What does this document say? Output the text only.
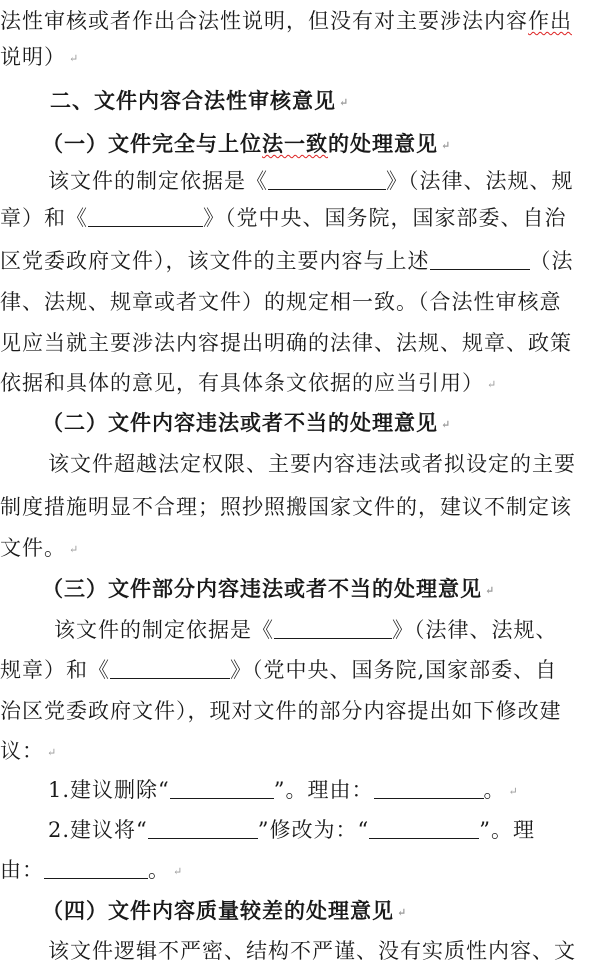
法性审核或者作出合法性说明，但没有对主要涉法内容作出
说明） ↵
二、文件内容合法性审核意见 ↵
（一）文件完全与上位法一致的处理意见 ↵
该文件的制定依据是《	》（法律、法规、规
章）和《	》（党中央、国务院，国家部委、自治
区党委政府文件），该文件的主要内容与上述	（法
律、法规、规章或者文件）的规定相一致。（合法性审核意
见应当就主要涉法内容提出明确的法律、法规、规章、政策
依据和具体的意见，有具体条文依据的应当引用） ↵
（二）文件内容违法或者不当的处理意见 ↵
该文件超越法定权限、主要内容违法或者拟设定的主要
制度措施明显不合理；照抄照搬国家文件的，建议不制定该
文件。 ↵
（三）文件部分内容违法或者不当的处理意见 ↵
该文件的制定依据是《	》（法律、法规、
规章）和《	》（党中央、国务院,国家部委、自
治区党委政府文件），现对文件的部分内容提出如下修改建
议： ↵
1.建议删除“	”。理由：	。 ↵
2.建议将“	”修改为：“	”。理
由：	。 ↵
（四）文件内容质量较差的处理意见 ↵
该文件逻辑不严密、结构不严谨、没有实质性内容、文
